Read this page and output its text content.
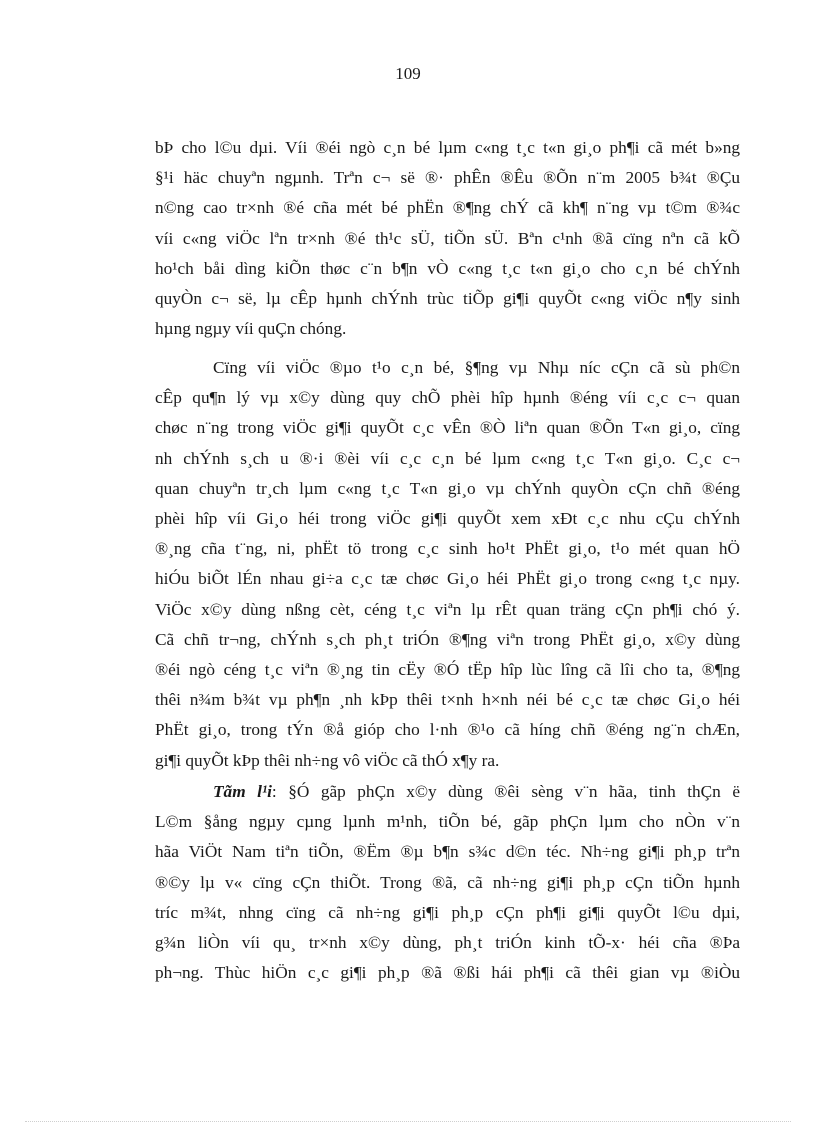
109
bÞ cho l©u dµi. Víi ®éi ngò c¸n bé lµm c«ng t¸c t«n gi¸o ph¶i cã mét b»ng
§¹i häc chuyªn ngµnh. Trªn c¬ së ®· phÊn ®Êu ®Õn n¨m 2005 b¾t ®Çu
n©ng cao tr×nh ®é cña mét bé phËn ®¶ng chÝ cã kh¶ n¨ng vµ t©m ®¾c
víi c«ng viÖc lªn tr×nh ®é th¹c sÜ, tiÕn sÜ. Bªn c¹nh ®ã cïng nªn cã kÕ
ho¹ch båi dìng kiÕn thøc c¨n b¶n vÒ c«ng t¸c t«n gi¸o cho c¸n bé chÝnh
quyÒn c¬ së, lµ cÊp hµnh chÝnh trùc tiÕp gi¶i quyÕt c«ng viÖc n¶y sinh
hµng ngµy víi quÇn chóng.
Cïng víi viÖc ®µo t¹o c¸n bé, §¶ng vµ Nhµ níc cÇn cã sù ph©n
cÊp qu¶n lý vµ x©y dùng quy chÕ phèi hîp hµnh ®éng víi c¸c c¬ quan
chøc n¨ng trong viÖc gi¶i quyÕt c¸c vÊn ®Ò liªn quan ®Õn T«n gi¸o, cïng
nh chÝnh s¸ch u ®·i ®èi víi c¸c c¸n bé lµm c«ng t¸c T«n gi¸o. C¸c c¬
quan chuyªn tr¸ch lµm c«ng t¸c T«n gi¸o vµ chÝnh quyÒn cÇn chñ ®éng
phèi hîp víi Gi¸o héi trong viÖc gi¶i quyÕt xem xÐt c¸c nhu cÇu chÝnh
®¸ng cña t¨ng, ni, phËt tö trong c¸c sinh ho¹t PhËt gi¸o, t¹o mét quan hÖ
hiÓu biÕt lÉn nhau gi÷a c¸c tæ chøc Gi¸o héi PhËt gi¸o trong c«ng t¸c nµy.
ViÖc x©y dùng nßng cèt, céng t¸c viªn lµ rÊt quan träng cÇn ph¶i chó ý.
Cã chñ tr¬ng, chÝnh s¸ch ph¸t triÓn ®¶ng viªn trong PhËt gi¸o, x©y dùng
®éi ngò céng t¸c viªn ®¸ng tin cËy ®Ó tËp hîp lùc lîng cã lîi cho ta, ®¶ng
thêi n¾m b¾t vµ ph¶n ¸nh kÞp thêi t×nh h×nh néi bé c¸c tæ chøc Gi¸o héi
PhËt gi¸o, trong tÝn ®å gióp cho l·nh ®¹o cã híng chñ ®éng ng¨n chÆn,
gi¶i quyÕt kÞp thêi nh÷ng vô viÖc cã thÓ x¶y ra.
Tãm l¹i: §Ó gãp phÇn x©y dùng ®êi sèng v¨n hãa, tinh thÇn ë
L©m §ång ngµy cµng lµnh m¹nh, tiÕn bé, gãp phÇn lµm cho nÒn v¨n
hãa ViÖt Nam tiªn tiÕn, ®Ëm ®µ b¶n s¾c d©n téc. Nh÷ng gi¶i ph¸p trªn
®©y lµ v« cïng cÇn thiÕt. Trong ®ã, cã nh÷ng gi¶i ph¸p cÇn tiÕn hµnh
tríc m¾t, nhng cïng cã nh÷ng gi¶i ph¸p cÇn ph¶i gi¶i quyÕt l©u dµi,
g¾n liÒn víi qu¸ tr×nh x©y dùng, ph¸t triÓn kinh tÕ-x· héi cña ®Þa
ph¬ng. Thùc hiÖn c¸c gi¶i ph¸p ®ã ®ßi hái ph¶i cã thêi gian vµ ®iÒu
